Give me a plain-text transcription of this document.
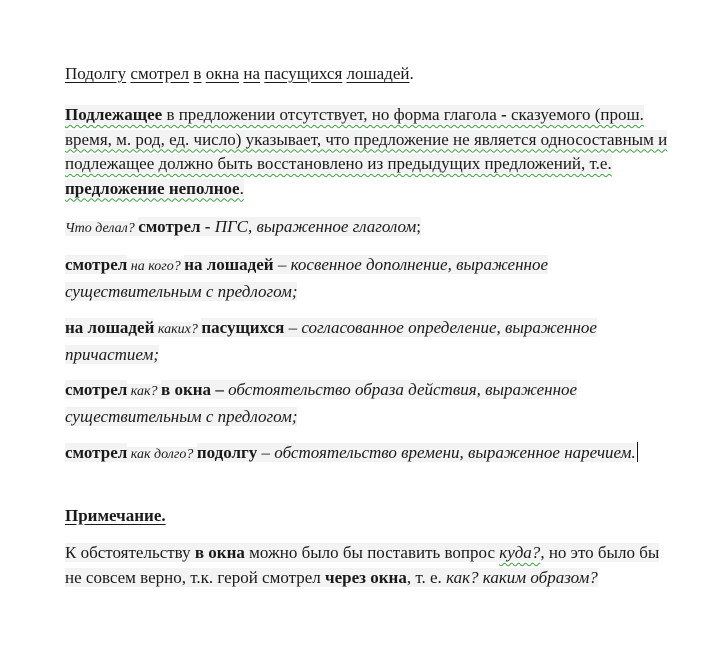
Подолгу смотрел в окна на пасущихся лошадей.

Подлежащее в предложении отсутствует, но форма глагола - сказуемого (прош. время, м. род, ед. число) указывает, что предложение не является односоставным и подлежащее должно быть восстановлено из предыдущих предложений, т.е. предложение неполное.

Что делал? смотрел - ПГС, выраженное глаголом;

смотрел на кого? на лошадей – косвенное дополнение, выраженное существительным с предлогом;

на лошадей каких? пасущихся – согласованное определение, выраженное причастием;

смотрел как? в окна – обстоятельство образа действия, выраженное существительным с предлогом;

смотрел как долго? подолгу – обстоятельство времени, выраженное наречием.

Примечание.

К обстоятельству в окна можно было бы поставить вопрос куда?, но это было бы не совсем верно, т.к. герой смотрел через окна, т. е. как? каким образом?
